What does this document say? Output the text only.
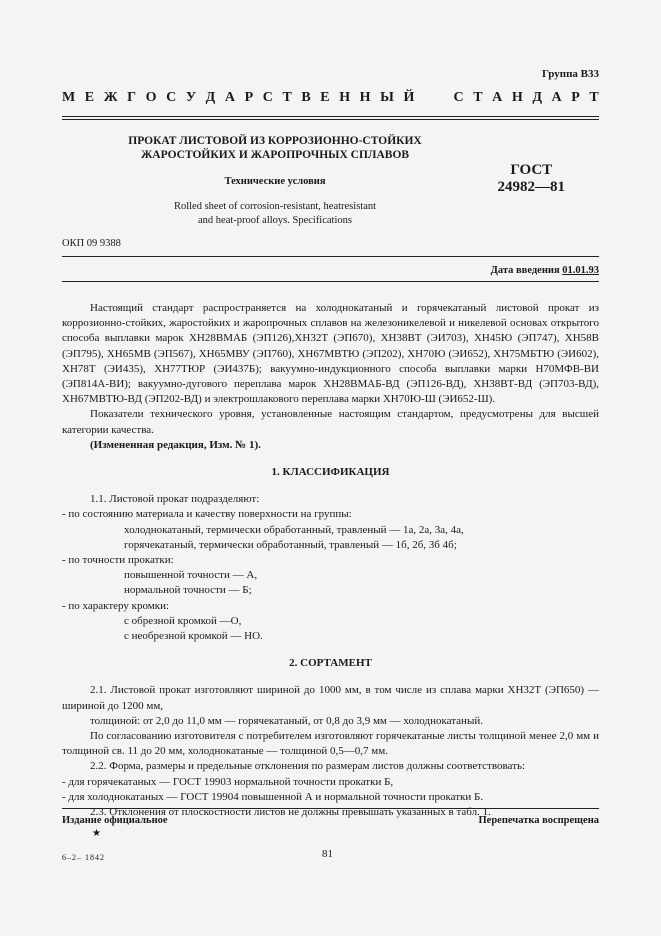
Группа В33
М Е Ж Г О С У Д А Р С Т В Е Н Н Ы Й	С Т А Н Д А Р Т
ПРОКАТ ЛИСТОВОЙ ИЗ КОРРОЗИОННО-СТОЙКИХ
ЖАРОСТОЙКИХ И ЖАРОПРОЧНЫХ СПЛАВОВ
ГОСТ
24982—81
Технические условия
Rolled sheet of corrosion-resistant, heatresistant
and heat-proof alloys. Specifications
ОКП 09 9388
Дата введения 01.01.93

Настоящий стандарт распространяется на холоднокатаный и горячекатаный листовой прокат из коррозионно-стойких, жаростойких и жаропрочных сплавов на железоникелевой и никелевой основах открытого способа выплавки марок ХН28ВМАБ (ЭП126),ХН32Т (ЭП670), ХН38ВТ (ЭИ703), ХН45Ю (ЭП747), ХН58В (ЭП795), ХН65МВ (ЭП567), ХН65МВУ (ЭП760), ХН67МВТЮ (ЭП202), ХН70Ю (ЭИ652), ХН75МБТЮ (ЭИ602), ХН78Т (ЭИ435), ХН77ТЮР (ЭИ437Б); вакуумно-индукционного способа выплавки марки Н70МФВ-ВИ (ЭП814А-ВИ); вакуумно-дугового переплава марок ХН28ВМАБ-ВД (ЭП126-ВД), ХН38ВТ-ВД (ЭП703-ВД), ХН67МВТЮ-ВД (ЭП202-ВД) и электрошлакового переплава марки ХН70Ю-Ш (ЭИ652-Ш).

Показатели технического уровня, установленные настоящим стандартом, предусмотрены для высшей категории качества.

(Измененная редакция, Изм. № 1).

1. КЛАССИФИКАЦИЯ

1.1. Листовой прокат подразделяют:

- по состоянию материала и качеству поверхности на группы:

холоднокатаный, термически обработанный, травленый — 1а, 2а, 3а, 4а,

горячекатаный, термически обработанный, травленый — 1б, 2б, 3б 4б;

- по точности прокатки:

повышенной точности — А,

нормальной точности — Б;

- по характеру кромки:

с обрезной кромкой —О,

с необрезной кромкой — НО.

2. СОРТАМЕНТ

2.1. Листовой прокат изготовляют шириной до 1000 мм, в том числе из сплава марки ХН32Т (ЭП650) — шириной до 1200 мм,

толщиной: от 2,0 до 11,0 мм — горячекатаный, от 0,8 до 3,9 мм — холоднокатаный.

По согласованию изготовителя с потребителем изготовляют горячекатаные листы толщиной менее 2,0 мм и толщиной св. 11 до 20 мм, холоднокатаные — толщиной 0,5—0,7 мм.

2.2. Форма, размеры и предельные отклонения по размерам листов должны соответствовать:

- для горячекатаных — ГОСТ 19903 нормальной точности прокатки Б,

- для холоднокатаных — ГОСТ 19904 повышенной А и нормальной точности прокатки Б.

2.3. Отклонения от плоскостности листов не должны превышать указанных в табл. 1.

Издание официальное
★
Перепечатка воспрещена
6–2– 1842	81
